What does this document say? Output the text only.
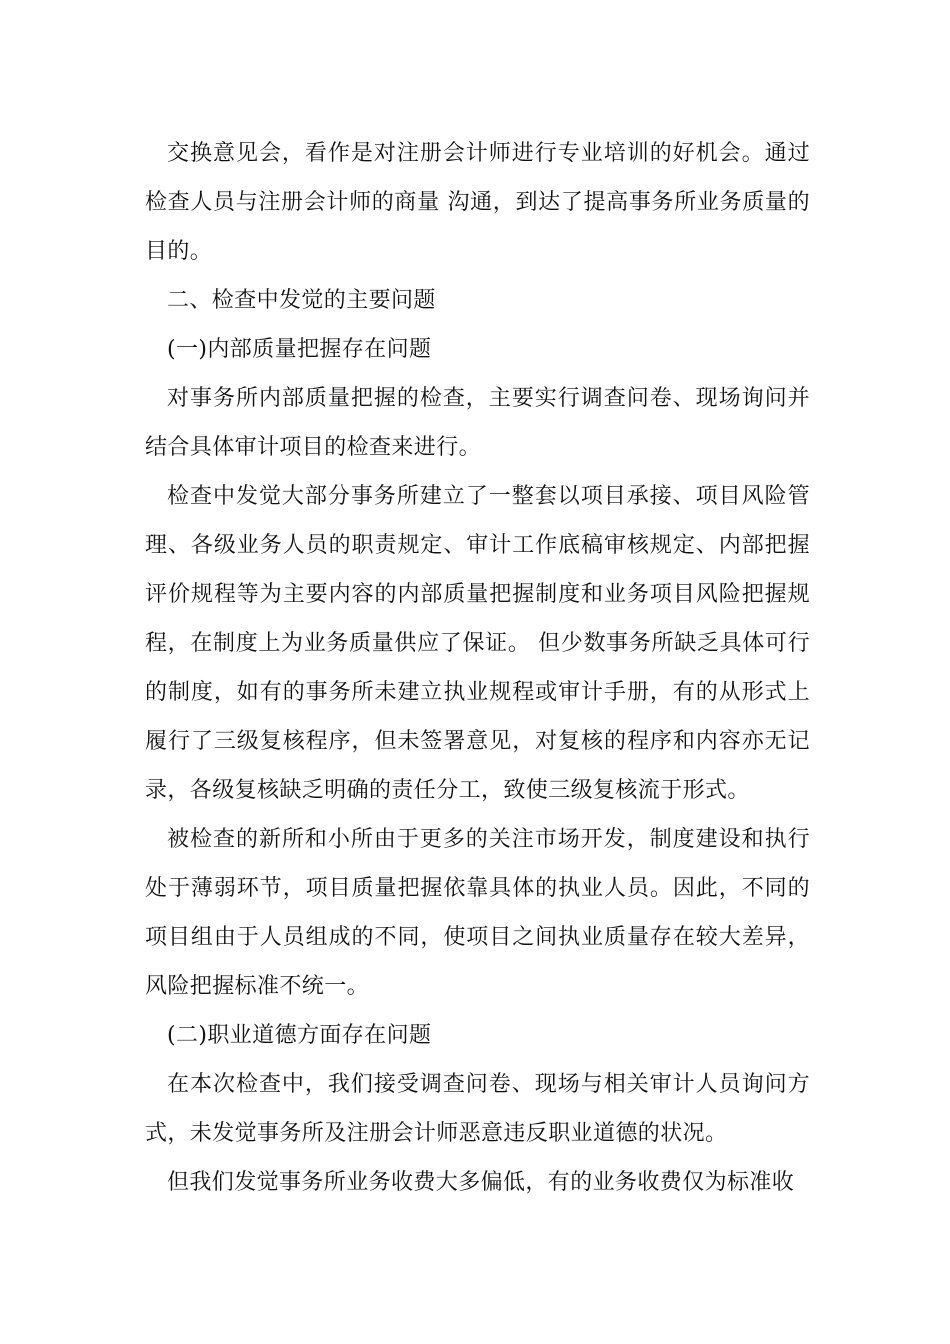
交换意见会，看作是对注册会计师进行专业培训的好机会。通过检查人员与注册会计师的商量 沟通，到达了提高事务所业务质量的目的。

二、检查中发觉的主要问题

(一)内部质量把握存在问题

对事务所内部质量把握的检查，主要实行调查问卷、现场询问并结合具体审计项目的检查来进行。

检查中发觉大部分事务所建立了一整套以项目承接、项目风险管理、各级业务人员的职责规定、审计工作底稿审核规定、内部把握评价规程等为主要内容的内部质量把握制度和业务项目风险把握规程，在制度上为业务质量供应了保证。 但少数事务所缺乏具体可行的制度，如有的事务所未建立执业规程或审计手册，有的从形式上履行了三级复核程序，但未签署意见，对复核的程序和内容亦无记录，各级复核缺乏明确的责任分工，致使三级复核流于形式。

被检查的新所和小所由于更多的关注市场开发，制度建设和执行处于薄弱环节，项目质量把握依靠具体的执业人员。因此，不同的项目组由于人员组成的不同，使项目之间执业质量存在较大差异，风险把握标准不统一。

(二)职业道德方面存在问题

在本次检查中，我们接受调查问卷、现场与相关审计人员询问方式，未发觉事务所及注册会计师恶意违反职业道德的状况。

但我们发觉事务所业务收费大多偏低，有的业务收费仅为标准收
